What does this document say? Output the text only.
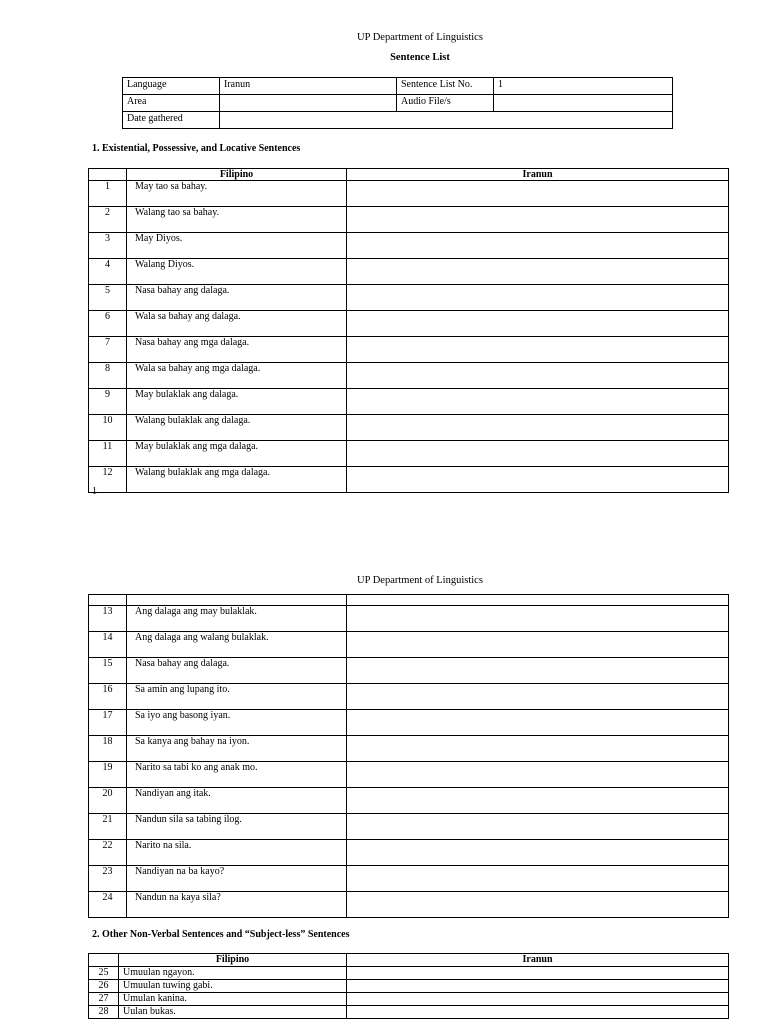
UP Department of Linguistics
Sentence List
Language	Iranun	Sentence List No.	1
Area		Audio File/s	
Date gathered			
1. Existential, Possessive, and Locative Sentences
	Filipino	Iranun
1	May tao sa bahay.	
2	Walang tao sa bahay.	
3	May Diyos.	
4	Walang Diyos.	
5	Nasa bahay ang dalaga.	
6	Wala sa bahay ang dalaga.	
7	Nasa bahay ang mga dalaga.	
8	Wala sa bahay ang mga dalaga.	
9	May bulaklak ang dalaga.	
10	Walang bulaklak ang dalaga.	
11	May bulaklak ang mga dalaga.	
12	Walang bulaklak ang mga dalaga.	
1
UP Department of Linguistics

13	Ang dalaga ang may bulaklak.	
14	Ang dalaga ang walang bulaklak.	
15	Nasa bahay ang dalaga.	
16	Sa amin ang lupang ito.	
17	Sa iyo ang basong iyan.	
18	Sa kanya ang bahay na iyon.	
19	Narito sa tabi ko ang anak mo.	
20	Nandiyan ang itak.	
21	Nandun sila sa tabing ilog.	
22	Narito na sila.	
23	Nandiyan na ba kayo?	
24	Nandun na kaya sila?	
2. Other Non-Verbal Sentences and “Subject-less” Sentences
	Filipino	Iranun
25	Umuulan ngayon.	
26	Umuulan tuwing gabi.	
27	Umulan kanina.	
28	Uulan bukas.	
